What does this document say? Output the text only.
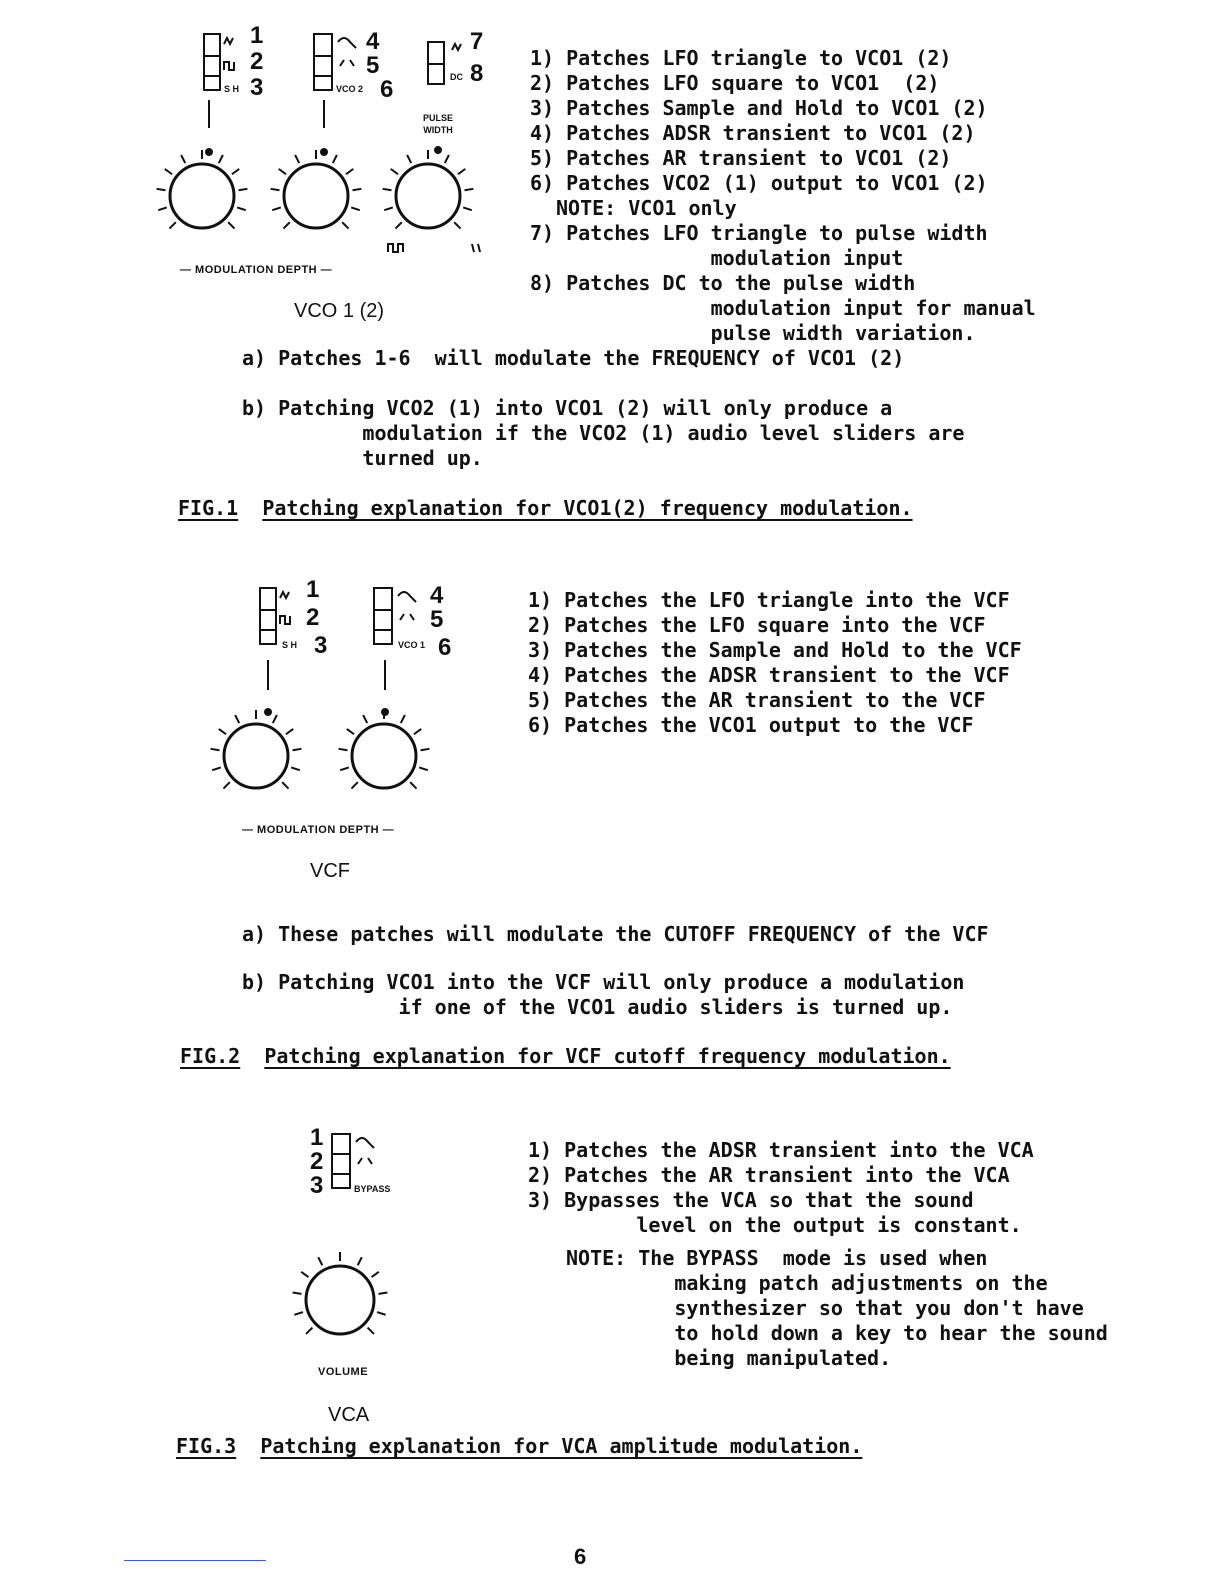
1
2
3
S H
4
5
6
VCO 2
7
8
DC
PULSE
WIDTH
— MODULATION DEPTH —
VCO 1 (2)
1) Patches LFO triangle to VCO1 (2)
2) Patches LFO square to VCO1  (2)
3) Patches Sample and Hold to VCO1 (2)
4) Patches ADSR transient to VCO1 (2)
5) Patches AR transient to VCO1 (2)
6) Patches VCO2 (1) output to VCO1 (2)
NOTE: VCO1 only
7) Patches LFO triangle to pulse width
modulation input
8) Patches DC to the pulse width
modulation input for manual
pulse width variation.
a) Patches 1-6  will modulate the FREQUENCY of VCO1 (2)
b) Patching VCO2 (1) into VCO1 (2) will only produce a
modulation if the VCO2 (1) audio level sliders are
turned up.
FIG.1 Patching explanation for VCO1(2) frequency modulation.
1
2
3
S H
4
5
6
VCO 1
— MODULATION DEPTH —
VCF
1) Patches the LFO triangle into the VCF
2) Patches the LFO square into the VCF
3) Patches the Sample and Hold to the VCF
4) Patches the ADSR transient to the VCF
5) Patches the AR transient to the VCF
6) Patches the VCO1 output to the VCF
a) These patches will modulate the CUTOFF FREQUENCY of the VCF
b) Patching VCO1 into the VCF will only produce a modulation
if one of the VCO1 audio sliders is turned up.
FIG.2 Patching explanation for VCF cutoff frequency modulation.
1
2
3	BYPASS
VOLUME
VCA
1) Patches the ADSR transient into the VCA
2) Patches the AR transient into the VCA
3) Bypasses the VCA so that the sound
level on the output is constant.
NOTE: The BYPASS  mode is used when
making patch adjustments on the
synthesizer so that you don't have
to hold down a key to hear the sound
being manipulated.
FIG.3 Patching explanation for VCA amplitude modulation.
6
